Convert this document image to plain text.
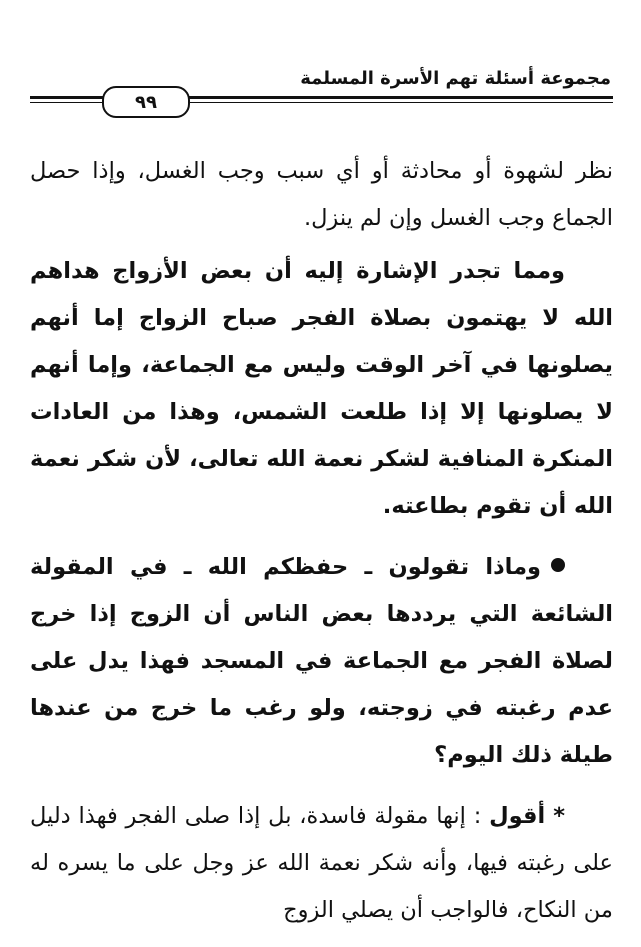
مجموعة أسئلة تهم الأسرة المسلمة
٩٩

نظر لشهوة أو محادثة أو أي سبب وجب الغسل، وإذا حصل الجماع وجب الغسل وإن لم ينزل.

ومما تجدر الإشارة إليه أن بعض الأزواج هداهم الله لا يهتمون بصلاة الفجر صباح الزواج إما أنهم يصلونها في آخر الوقت وليس مع الجماعة، وإما أنهم لا يصلونها إلا إذا طلعت الشمس، وهذا من العادات المنكرة المنافية لشكر نعمة الله تعالى، لأن شكر نعمة الله أن تقوم بطاعته.

وماذا تقولون ـ حفظكم الله ـ في المقولة الشائعة التي يرددها بعض الناس أن الزوج إذا خرج لصلاة الفجر مع الجماعة في المسجد فهذا يدل على عدم رغبته في زوجته، ولو رغب ما خرج من عندها طيلة ذلك اليوم؟

*أقول : إنها مقولة فاسدة، بل إذا صلى الفجر فهذا دليل على رغبته فيها، وأنه شكر نعمة الله عز وجل على ما يسره له من النكاح، فالواجب أن يصلي الزوج
